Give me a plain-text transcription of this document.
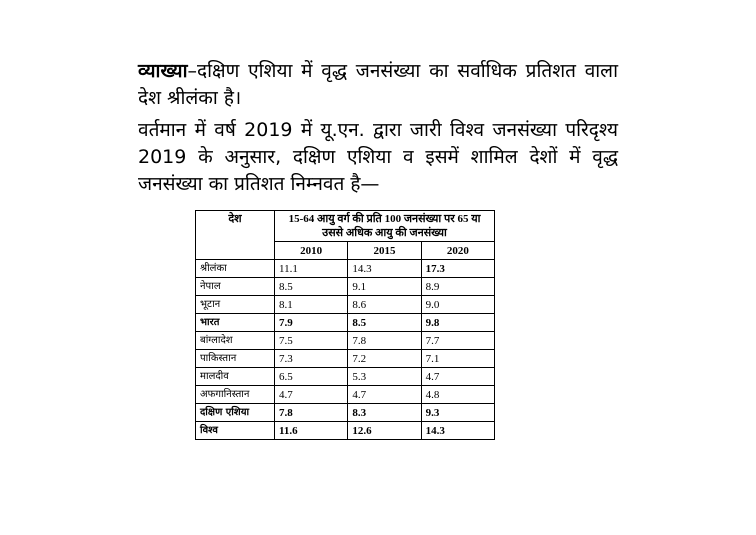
व्याख्या–दक्षिण एशिया में वृद्ध जनसंख्या का सर्वाधिक प्रतिशत वाला देश श्रीलंका है।
वर्तमान में वर्ष 2019 में यू.एन. द्वारा जारी विश्व जनसंख्या परिदृश्य 2019 के अनुसार, दक्षिण एशिया व इसमें शामिल देशों में वृद्ध जनसंख्या का प्रतिशत निम्नवत है—
देश	15-64 आयु वर्ग की प्रति 100 जनसंख्या पर 65 या उससे अधिक आयु की जनसंख्या		
	2010	2015	2020
श्रीलंका	11.1	14.3	17.3
नेपाल	8.5	9.1	8.9
भूटान	8.1	8.6	9.0
भारत	7.9	8.5	9.8
बांग्लादेश	7.5	7.8	7.7
पाकिस्तान	7.3	7.2	7.1
मालदीव	6.5	5.3	4.7
अफगानिस्तान	4.7	4.7	4.8
दक्षिण एशिया	7.8	8.3	9.3
विश्व	11.6	12.6	14.3
